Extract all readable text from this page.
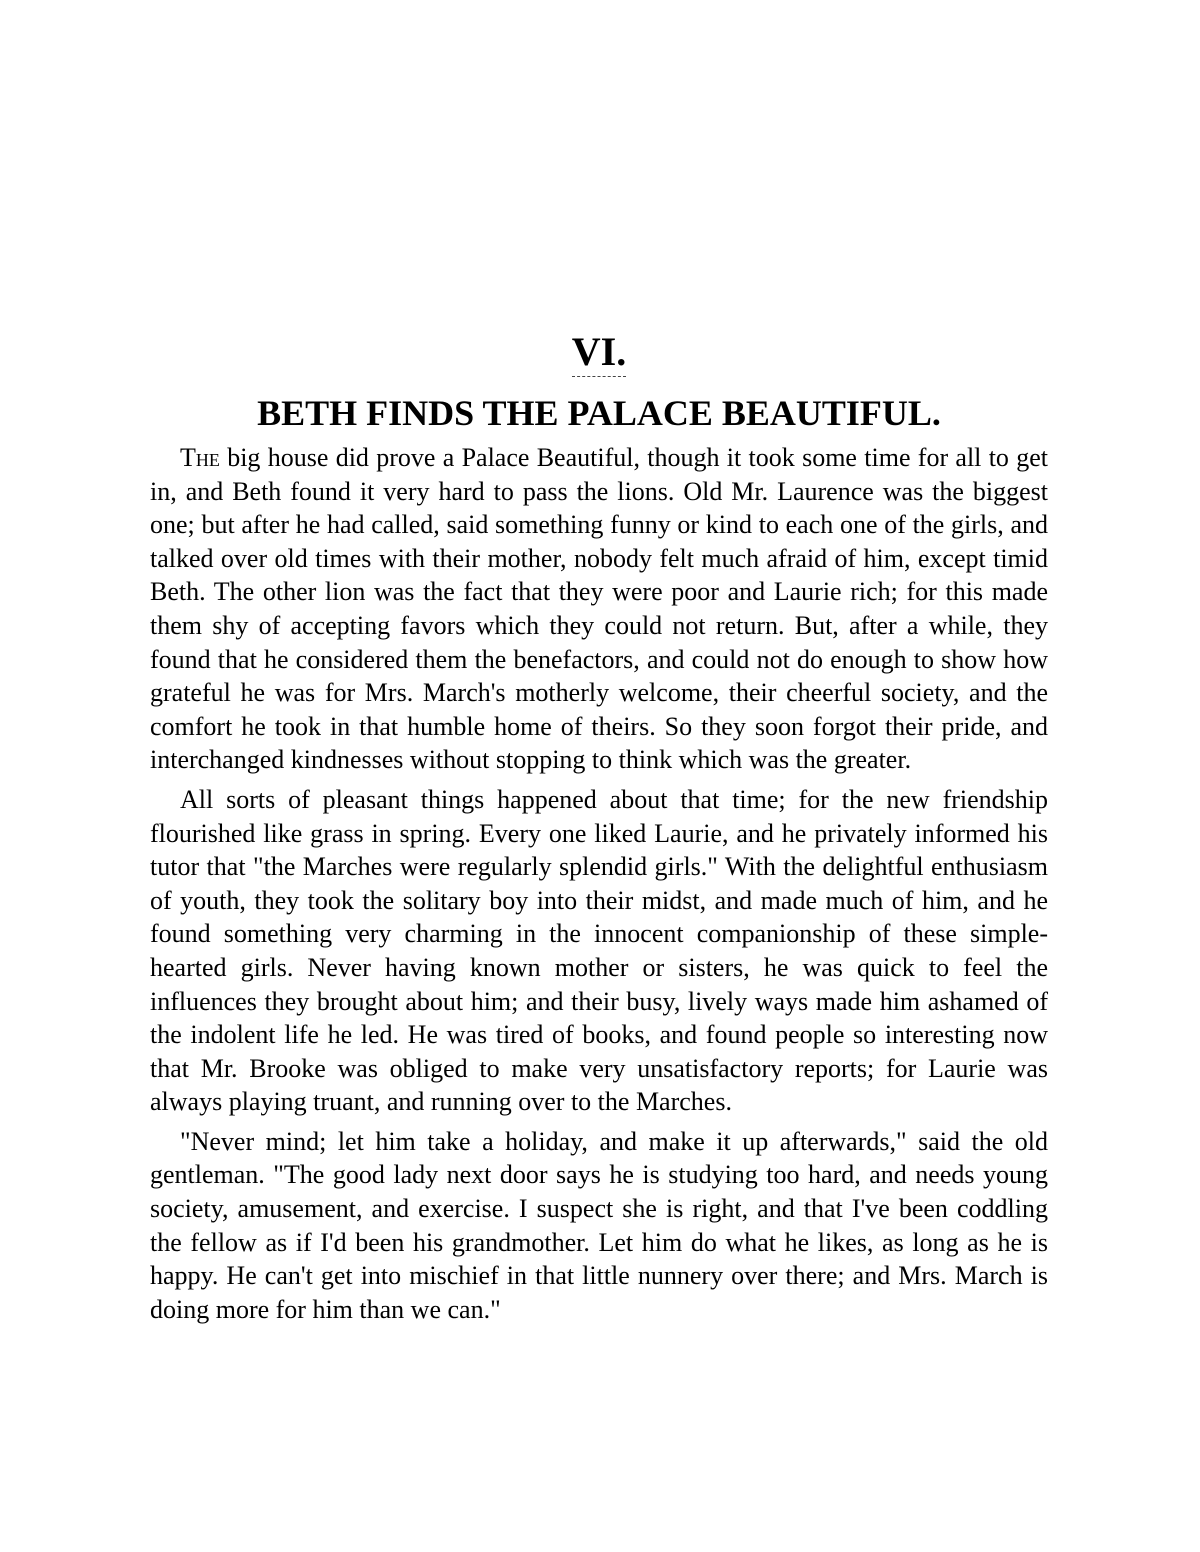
VI.
BETH FINDS THE PALACE BEAUTIFUL.

The big house did prove a Palace Beautiful, though it took some time for all to get in, and Beth found it very hard to pass the lions. Old Mr. Laurence was the biggest one; but after he had called, said something funny or kind to each one of the girls, and talked over old times with their mother, nobody felt much afraid of him, except timid Beth. The other lion was the fact that they were poor and Laurie rich; for this made them shy of accepting favors which they could not return. But, after a while, they found that he considered them the benefactors, and could not do enough to show how grateful he was for Mrs. March's motherly welcome, their cheerful society, and the comfort he took in that humble home of theirs. So they soon forgot their pride, and interchanged kindnesses without stopping to think which was the greater.

All sorts of pleasant things happened about that time; for the new friendship flourished like grass in spring. Every one liked Laurie, and he privately informed his tutor that "the Marches were regularly splendid girls." With the delightful enthusiasm of youth, they took the solitary boy into their midst, and made much of him, and he found something very charming in the innocent companionship of these simple-hearted girls. Never having known mother or sisters, he was quick to feel the influences they brought about him; and their busy, lively ways made him ashamed of the indolent life he led. He was tired of books, and found people so interesting now that Mr. Brooke was obliged to make very unsatisfactory reports; for Laurie was always playing truant, and running over to the Marches.

"Never mind; let him take a holiday, and make it up afterwards," said the old gentleman. "The good lady next door says he is studying too hard, and needs young society, amusement, and exercise. I suspect she is right, and that I've been coddling the fellow as if I'd been his grandmother. Let him do what he likes, as long as he is happy. He can't get into mischief in that little nunnery over there; and Mrs. March is doing more for him than we can."
